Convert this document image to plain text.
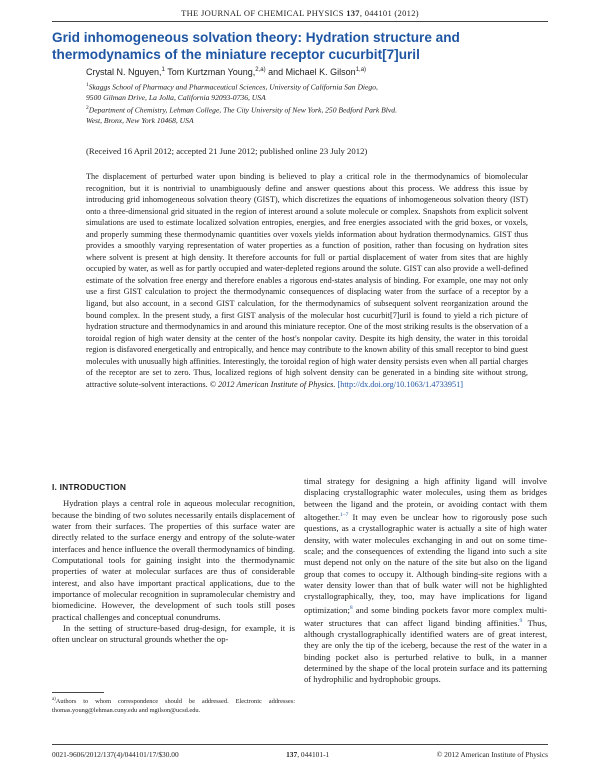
THE JOURNAL OF CHEMICAL PHYSICS 137, 044101 (2012)
Grid inhomogeneous solvation theory: Hydration structure and thermodynamics of the miniature receptor cucurbit[7]uril
Crystal N. Nguyen,$^1$ Tom Kurtzman Young,$^{2,a)}$ and Michael K. Gilson$^{1,a)}$
$^1$Skaggs School of Pharmacy and Pharmaceutical Sciences, University of California San Diego,
9500 Gilman Drive, La Jolla, California 92093-0736, USA
$^2$Department of Chemistry, Lehman College, The City University of New York, 250 Bedford Park Blvd.
West, Bronx, New York 10468, USA
(Received 16 April 2012; accepted 21 June 2012; published online 23 July 2012)
The displacement of perturbed water upon binding is believed to play a critical role in the thermodynamics of biomolecular recognition, but it is nontrivial to unambiguously define and answer questions about this process. We address this issue by introducing grid inhomogeneous solvation theory (GIST), which discretizes the equations of inhomogeneous solvation theory (IST) onto a three-dimensional grid situated in the region of interest around a solute molecule or complex. Snapshots from explicit solvent simulations are used to estimate localized solvation entropies, energies, and free energies associated with the grid boxes, or voxels, and properly summing these thermodynamic quantities over voxels yields information about hydration thermodynamics. GIST thus provides a smoothly varying representation of water properties as a function of position, rather than focusing on hydration sites where solvent is present at high density. It therefore accounts for full or partial displacement of water from sites that are highly occupied by water, as well as for partly occupied and water-depleted regions around the solute. GIST can also provide a well-defined estimate of the solvation free energy and therefore enables a rigorous end-states analysis of binding. For example, one may not only use a first GIST calculation to project the thermodynamic consequences of displacing water from the surface of a receptor by a ligand, but also account, in a second GIST calculation, for the thermodynamics of subsequent solvent reorganization around the bound complex. In the present study, a first GIST analysis of the molecular host cucurbit[7]uril is found to yield a rich picture of hydration structure and thermodynamics in and around this miniature receptor. One of the most striking results is the observation of a toroidal region of high water density at the center of the host's nonpolar cavity. Despite its high density, the water in this toroidal region is disfavored energetically and entropically, and hence may contribute to the known ability of this small receptor to bind guest molecules with unusually high affinities. Interestingly, the toroidal region of high water density persists even when all partial charges of the receptor are set to zero. Thus, localized regions of high solvent density can be generated in a binding site without strong, attractive solute-solvent interactions. © 2012 American Institute of Physics. [http://dx.doi.org/10.1063/1.4733951]
I. INTRODUCTION

Hydration plays a central role in aqueous molecular recognition, because the binding of two solutes necessarily entails displacement of water from their surfaces. The properties of this surface water are directly related to the surface energy and entropy of the solute-water interfaces and hence influence the overall thermodynamics of binding. Computational tools for gaining insight into the thermodynamic properties of water at molecular surfaces are thus of considerable interest, and also have important practical applications, due to the importance of molecular recognition in supramolecular chemistry and biomedicine. However, the development of such tools still poses practical challenges and conceptual conundrums.

In the setting of structure-based drug-design, for example, it is often unclear on structural grounds whether the op-

timal strategy for designing a high affinity ligand will involve displacing crystallographic water molecules, using them as bridges between the ligand and the protein, or avoiding contact with them altogether.$^{1-7}$ It may even be unclear how to rigorously pose such questions, as a crystallographic water is actually a site of high water density, with water molecules exchanging in and out on some time-scale; and the consequences of extending the ligand into such a site must depend not only on the nature of the site but also on the ligand group that comes to occupy it. Although binding-site regions with a water density lower than that of bulk water will not be highlighted crystallographically, they, too, may have implications for ligand optimization;$^8$ and some binding pockets favor more complex multi-water structures that can affect ligand binding affinities.$^9$ Thus, although crystallographically identified waters are of great interest, they are only the tip of the iceberg, because the rest of the water in a binding pocket also is perturbed relative to bulk, in a manner determined by the shape of the local protein surface and its patterning of hydrophilic and hydrophobic groups.

$^{a)}$Authors to whom correspondence should be addressed. Electronic addresses: thomas.young@lehman.cuny.edu and mgilson@ucsd.edu.
0021-9606/2012/137(4)/044101/17/$30.00	137, 044101-1	© 2012 American Institute of Physics
